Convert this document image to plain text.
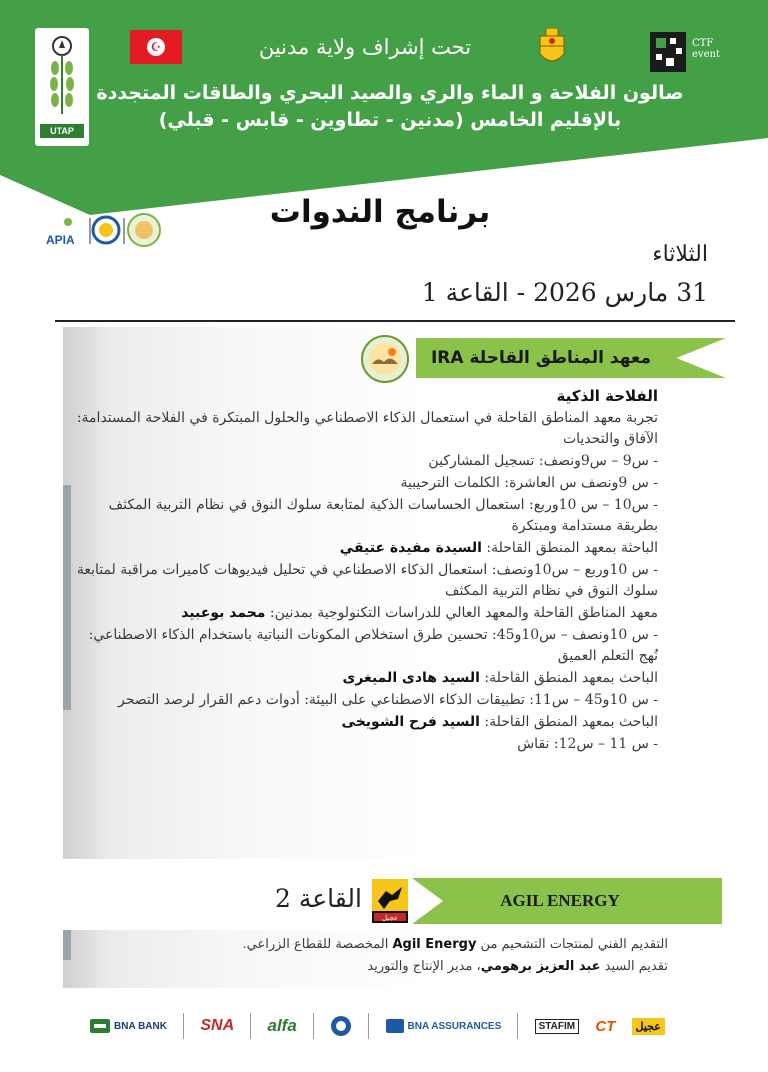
UTAP
☪	تحت إشراف ولاية مدنين	CTF
event
صالون الفلاحة و الماء والري والصيد البحري والطاقات المتجددة
بالإقليم الخامس (مدنين - تطاوين - قابس - قبلي)
برنامج الندوات
APIA
الثلاثاء
31 مارس 2026 - القاعة 1
معهد المناطق القاحلة IRA

الفلاحة الذكية

تجربة معهد المناطق القاحلة في استعمال الذكاء الاصطناعي والحلول المبتكرة في الفلاحة المستدامة: الآفاق والتحديات

- س9 – س9ونصف: تسجيل المشاركين

- س 9ونصف س العاشرة: الكلمات الترحيبية

- س10 – س 10وربع: استعمال الحساسات الذكية لمتابعة سلوك النوق في نظام التربية المكثف بطريقة مستدامة ومبتكرة

الباحثة بمعهد المنطق القاحلة: السيدة مفيدة عتيقي

- س 10وربع – س10ونصف: استعمال الذكاء الاصطناعي في تحليل فيديوهات كاميرات مراقبة لمتابعة سلوك النوق في نظام التربية المكثف

معهد المناطق القاحلة والمعهد العالي للدراسات التكنولوجية بمدنين: محمد بوعبيد

- س 10ونصف – س10و45: تحسين طرق استخلاص المكونات النباتية باستخدام الذكاء الاصطناعي: نُهج التعلم العميق

الباحث بمعهد المنطق القاحلة: السيد هادى الميغرى

- س 10و45 – س11: تطبيقات الذكاء الاصطناعي على البيئة: أدوات دعم القرار لرصد التصحر

الباحث بمعهد المنطق القاحلة: السيد فرح الشويخى

- س 11 – س12: نقاش

AGIL ENERGY
عجيل
القاعة 2

التقديم الفني لمنتجات التشحيم من Agil Energy المخصصة للقطاع الزراعي.

تقديم السيد عبد العزيز برهومي، مدير الإنتاج والتوريد

BNA BANK SNA alfa	BNA ASSURANCES	STAFIM CT عجيل
